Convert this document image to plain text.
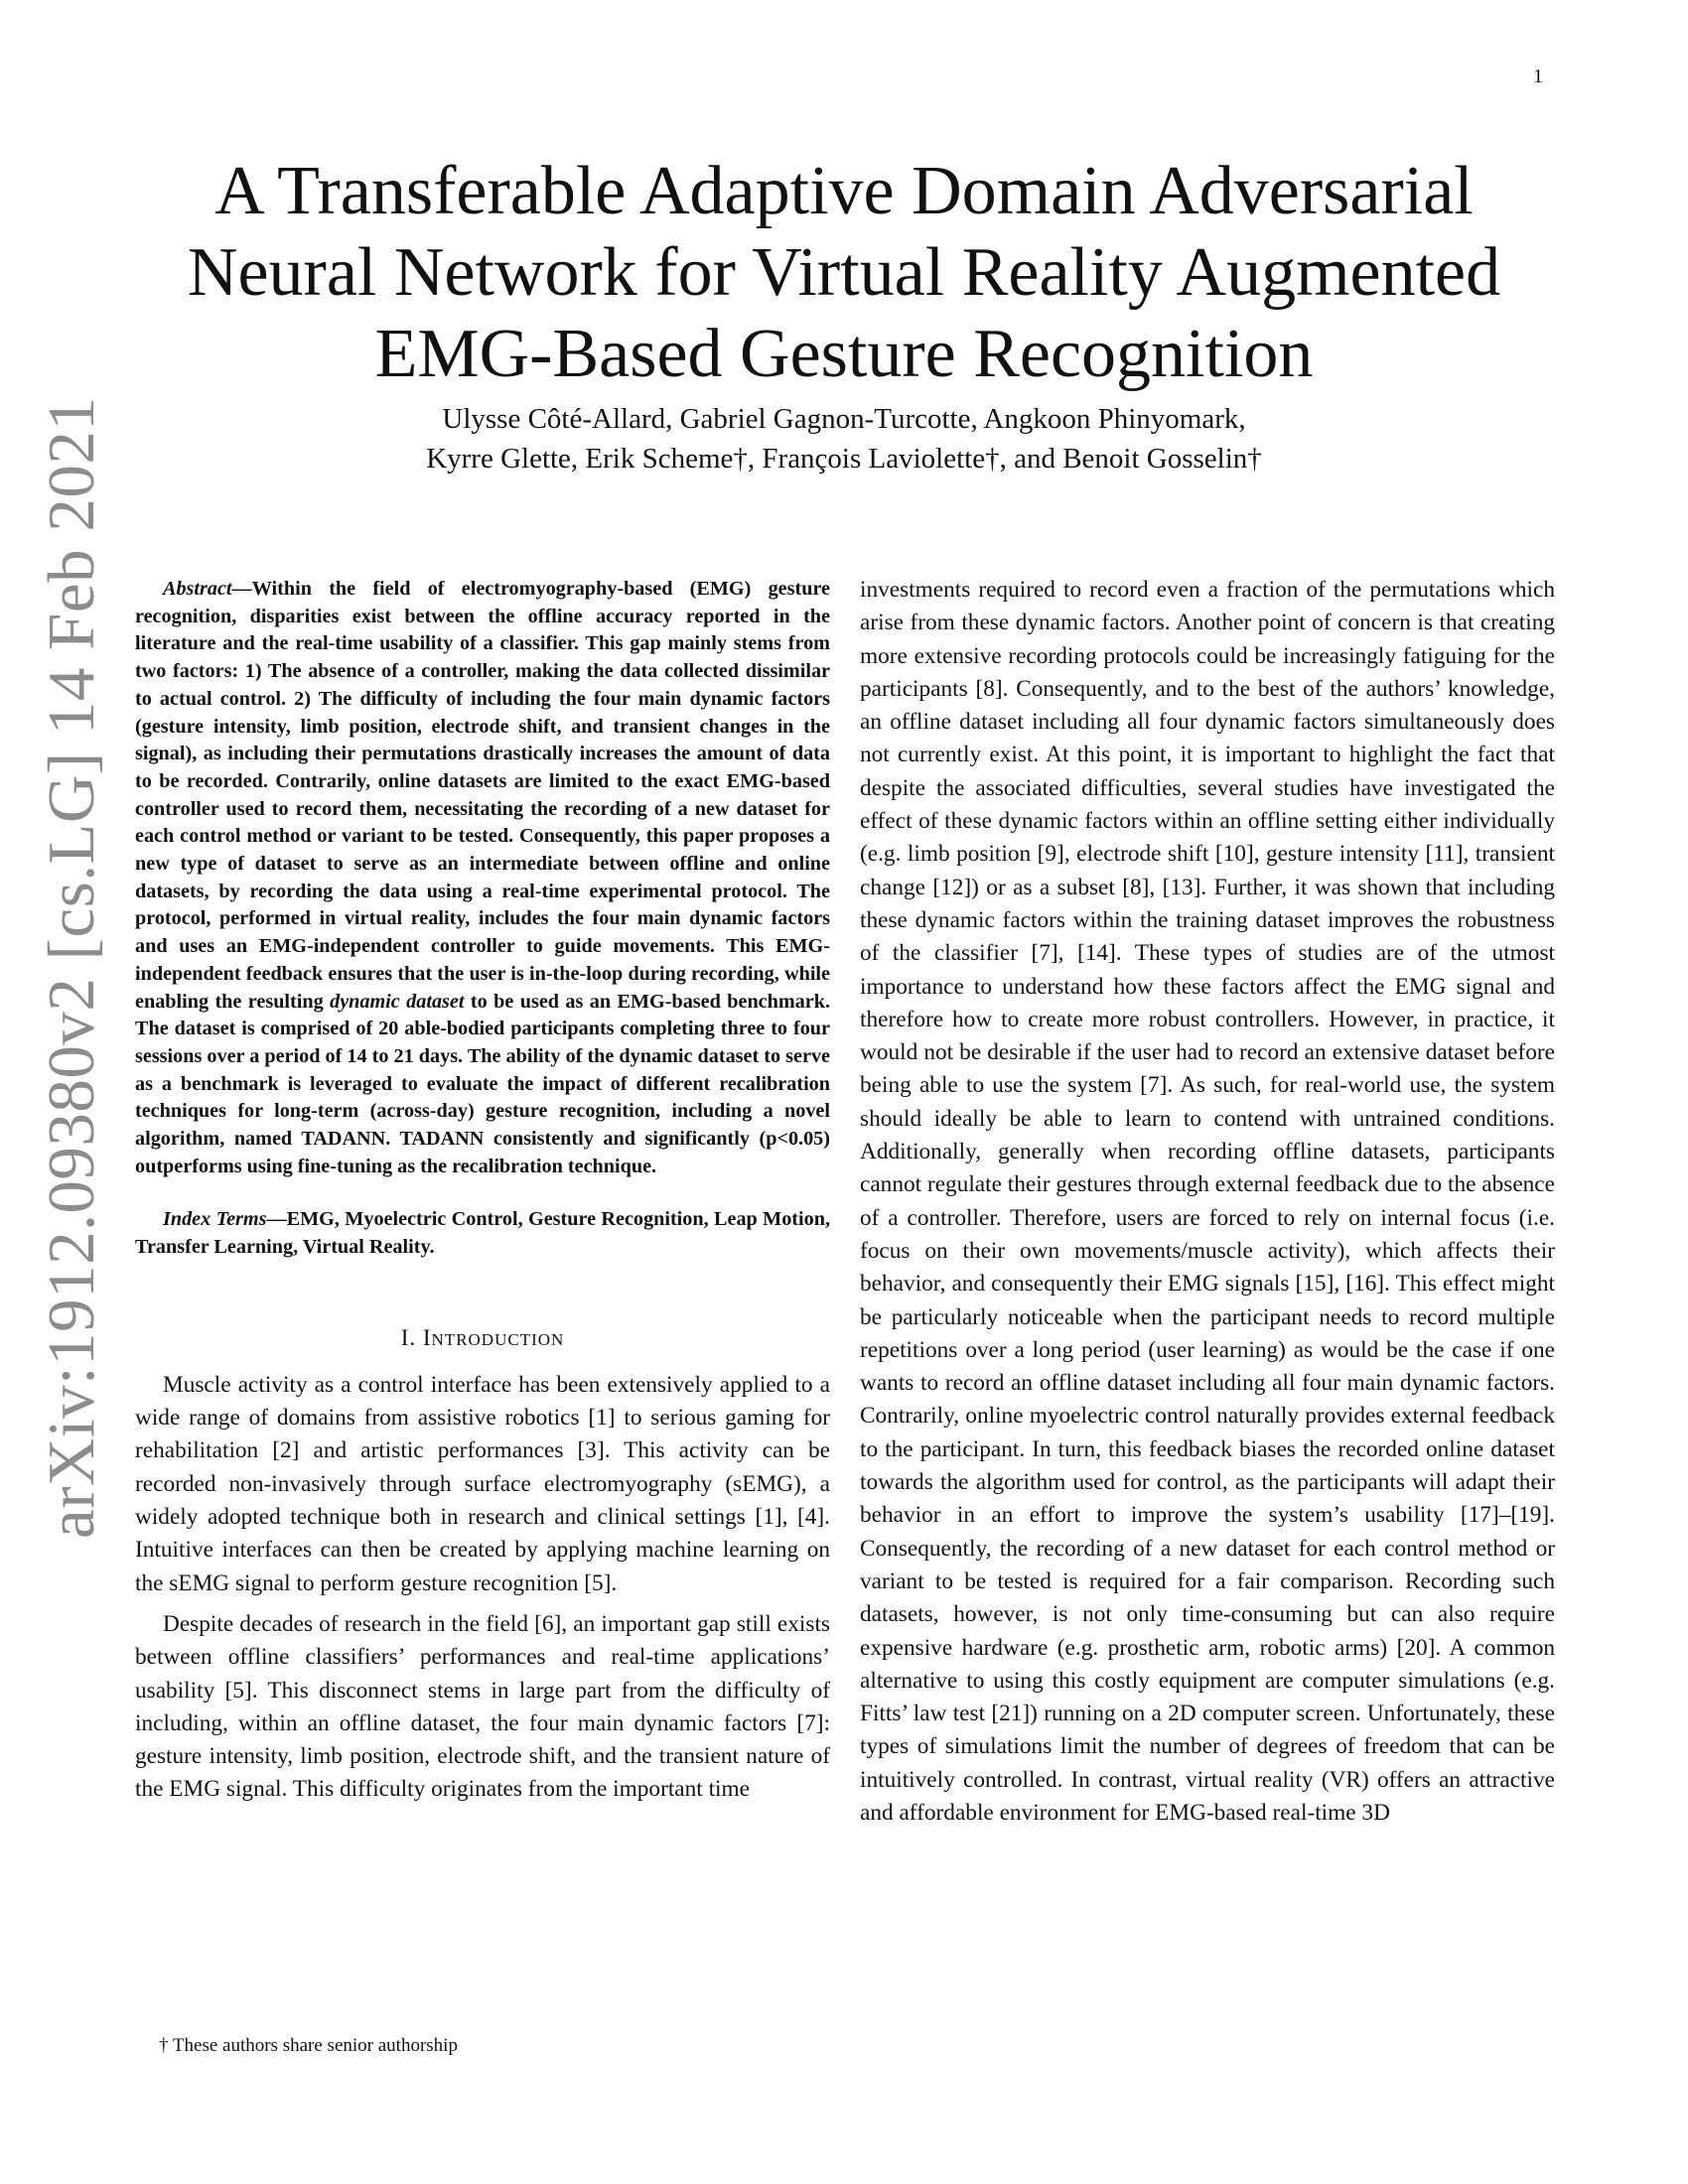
1
arXiv:1912.09380v2 [cs.LG] 14 Feb 2021
A Transferable Adaptive Domain Adversarial
Neural Network for Virtual Reality Augmented
EMG-Based Gesture Recognition
Ulysse Côté-Allard, Gabriel Gagnon-Turcotte, Angkoon Phinyomark,
Kyrre Glette, Erik Scheme†, François Laviolette†, and Benoit Gosselin†

Abstract—Within the field of electromyography-based (EMG) gesture recognition, disparities exist between the offline accuracy reported in the literature and the real-time usability of a classifier. This gap mainly stems from two factors: 1) The absence of a controller, making the data collected dissimilar to actual control. 2) The difficulty of including the four main dynamic factors (gesture intensity, limb position, electrode shift, and transient changes in the signal), as including their permutations drastically increases the amount of data to be recorded. Contrarily, online datasets are limited to the exact EMG-based controller used to record them, necessitating the recording of a new dataset for each control method or variant to be tested. Consequently, this paper proposes a new type of dataset to serve as an intermediate between offline and online datasets, by recording the data using a real-time experimental protocol. The protocol, performed in virtual reality, includes the four main dynamic factors and uses an EMG-independent controller to guide movements. This EMG-independent feedback ensures that the user is in-the-loop during recording, while enabling the resulting dynamic dataset to be used as an EMG-based benchmark. The dataset is comprised of 20 able-bodied participants completing three to four sessions over a period of 14 to 21 days. The ability of the dynamic dataset to serve as a benchmark is leveraged to evaluate the impact of different recalibration techniques for long-term (across-day) gesture recognition, including a novel algorithm, named TADANN. TADANN consistently and significantly (p<0.05) outperforms using fine-tuning as the recalibration technique.

Index Terms—EMG, Myoelectric Control, Gesture Recognition, Leap Motion, Transfer Learning, Virtual Reality.

I. INTRODUCTION

Muscle activity as a control interface has been extensively applied to a wide range of domains from assistive robotics [1] to serious gaming for rehabilitation [2] and artistic performances [3]. This activity can be recorded non-invasively through surface electromyography (sEMG), a widely adopted technique both in research and clinical settings [1], [4]. Intuitive interfaces can then be created by applying machine learning on the sEMG signal to perform gesture recognition [5].

Despite decades of research in the field [6], an important gap still exists between offline classifiers’ performances and real-time applications’ usability [5]. This disconnect stems in large part from the difficulty of including, within an offline dataset, the four main dynamic factors [7]: gesture intensity, limb position, electrode shift, and the transient nature of the EMG signal. This difficulty originates from the important time

investments required to record even a fraction of the permutations which arise from these dynamic factors. Another point of concern is that creating more extensive recording protocols could be increasingly fatiguing for the participants [8]. Consequently, and to the best of the authors’ knowledge, an offline dataset including all four dynamic factors simultaneously does not currently exist. At this point, it is important to highlight the fact that despite the associated difficulties, several studies have investigated the effect of these dynamic factors within an offline setting either individually (e.g. limb position [9], electrode shift [10], gesture intensity [11], transient change [12]) or as a subset [8], [13]. Further, it was shown that including these dynamic factors within the training dataset improves the robustness of the classifier [7], [14]. These types of studies are of the utmost importance to understand how these factors affect the EMG signal and therefore how to create more robust controllers. However, in practice, it would not be desirable if the user had to record an extensive dataset before being able to use the system [7]. As such, for real-world use, the system should ideally be able to learn to contend with untrained conditions. Additionally, generally when recording offline datasets, participants cannot regulate their gestures through external feedback due to the absence of a controller. Therefore, users are forced to rely on internal focus (i.e. focus on their own movements/muscle activity), which affects their behavior, and consequently their EMG signals [15], [16]. This effect might be particularly noticeable when the participant needs to record multiple repetitions over a long period (user learning) as would be the case if one wants to record an offline dataset including all four main dynamic factors. Contrarily, online myoelectric control naturally provides external feedback to the participant. In turn, this feedback biases the recorded online dataset towards the algorithm used for control, as the participants will adapt their behavior in an effort to improve the system’s usability [17]–[19]. Consequently, the recording of a new dataset for each control method or variant to be tested is required for a fair comparison. Recording such datasets, however, is not only time-consuming but can also require expensive hardware (e.g. prosthetic arm, robotic arms) [20]. A common alternative to using this costly equipment are computer simulations (e.g. Fitts’ law test [21]) running on a 2D computer screen. Unfortunately, these types of simulations limit the number of degrees of freedom that can be intuitively controlled. In contrast, virtual reality (VR) offers an attractive and affordable environment for EMG-based real-time 3D

† These authors share senior authorship
